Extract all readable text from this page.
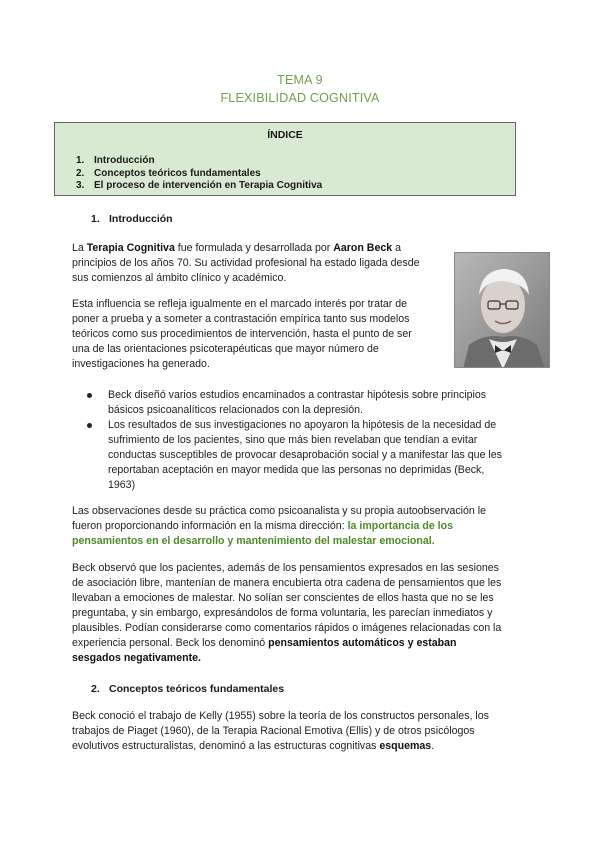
TEMA 9
FLEXIBILIDAD COGNITIVA
ÍNDICE
1. Introducción
2. Conceptos teóricos fundamentales
3. El proceso de intervención en Terapia Cognitiva
1. Introducción
La Terapia Cognitiva fue formulada y desarrollada por Aaron Beck a
principios de los años 70. Su actividad profesional ha estado ligada desde
sus comienzos al ámbito clínico y académico.
Esta influencia se refleja igualmente en el marcado interés por tratar de
poner a prueba y a someter a contrastación empírica tanto sus modelos
teóricos como sus procedimientos de intervención, hasta el punto de ser
una de las orientaciones psicoterapéuticas que mayor número de
investigaciones ha generado.
Beck diseñó varios estudios encaminados a contrastar hipótesis sobre principios
básicos psicoanalíticos relacionados con la depresión.
Los resultados de sus investigaciones no apoyaron la hipótesis de la necesidad de
sufrimiento de los pacientes, sino que más bien revelaban que tendían a evitar
conductas susceptibles de provocar desaprobación social y a manifestar las que les
reportaban aceptación en mayor medida que las personas no deprimidas (Beck,
1963)
Las observaciones desde su práctica como psicoanalista y su propia autoobservación le
fueron proporcionando información en la misma dirección: la importancia de los
pensamientos en el desarrollo y mantenimiento del malestar emocional.
Beck observó que los pacientes, además de los pensamientos expresados en las sesiones
de asociación libre, mantenían de manera encubierta otra cadena de pensamientos que les
llevaban a emociones de malestar. No solían ser conscientes de ellos hasta que no se les
preguntaba, y sin embargo, expresándolos de forma voluntaria, les parecían inmediatos y
plausibles. Podían considerarse como comentarios rápidos o imágenes relacionadas con la
experiencia personal. Beck los denominó pensamientos automáticos y estaban
sesgados negativamente.
2. Conceptos teóricos fundamentales
Beck conoció el trabajo de Kelly (1955) sobre la teoría de los constructos personales, los
trabajos de Piaget (1960), de la Terapia Racional Emotiva (Ellis) y de otros psicólogos
evolutivos estructuralistas, denominó a las estructuras cognitivas esquemas.
